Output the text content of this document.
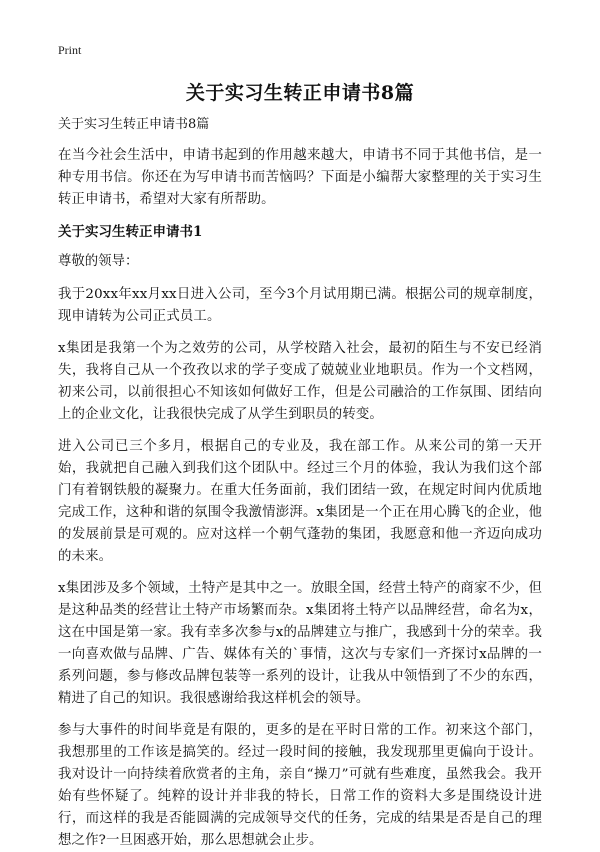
Print
关于实习生转正申请书8篇
关于实习生转正申请书8篇

在当今社会生活中，申请书起到的作用越来越大，申请书不同于其他书信，是一种专用书信。你还在为写申请书而苦恼吗？下面是小编帮大家整理的关于实习生转正申请书，希望对大家有所帮助。

关于实习生转正申请书1
尊敬的领导：

我于20xx年xx月xx日进入公司，至今3个月试用期已满。根据公司的规章制度，现申请转为公司正式员工。

x集团是我第一个为之效劳的公司，从学校踏入社会，最初的陌生与不安已经消失，我将自己从一个孜孜以求的学子变成了兢兢业业地职员。作为一个文档网，初来公司，以前很担心不知该如何做好工作，但是公司融洽的工作氛围、团结向上的企业文化，让我很快完成了从学生到职员的转变。

进入公司已三个多月，根据自己的专业及，我在部工作。从来公司的第一天开始，我就把自己融入到我们这个团队中。经过三个月的体验，我认为我们这个部门有着钢铁般的凝聚力。在重大任务面前，我们团结一致，在规定时间内优质地完成工作，这种和谐的氛围令我激情澎湃。x集团是一个正在用心腾飞的企业，他的发展前景是可观的。应对这样一个朝气蓬勃的集团，我愿意和他一齐迈向成功的未来。

x集团涉及多个领域，土特产是其中之一。放眼全国，经营土特产的商家不少，但是这种品类的经营让土特产市场繁而杂。x集团将土特产以品牌经营，命名为x，这在中国是第一家。我有幸多次参与x的品牌建立与推广，我感到十分的荣幸。我一向喜欢做与品牌、广告、媒体有关的`事情，这次与专家们一齐探讨x品牌的一系列问题，参与修改品牌包装等一系列的设计，让我从中领悟到了不少的东西，精进了自己的知识。我很感谢给我这样机会的领导。

参与大事件的时间毕竟是有限的，更多的是在平时日常的工作。初来这个部门，我想那里的工作该是搞笑的。经过一段时间的接触，我发现那里更偏向于设计。我对设计一向持续着欣赏者的主角，亲自“操刀”可就有些难度，虽然我会。我开始有些怀疑了。纯粹的设计并非我的特长，日常工作的资料大多是围绕设计进行，而这样的我是否能圆满的完成领导交代的任务，完成的结果是否是自己的理想之作?一旦困惑开始，那么思想就会止步。
